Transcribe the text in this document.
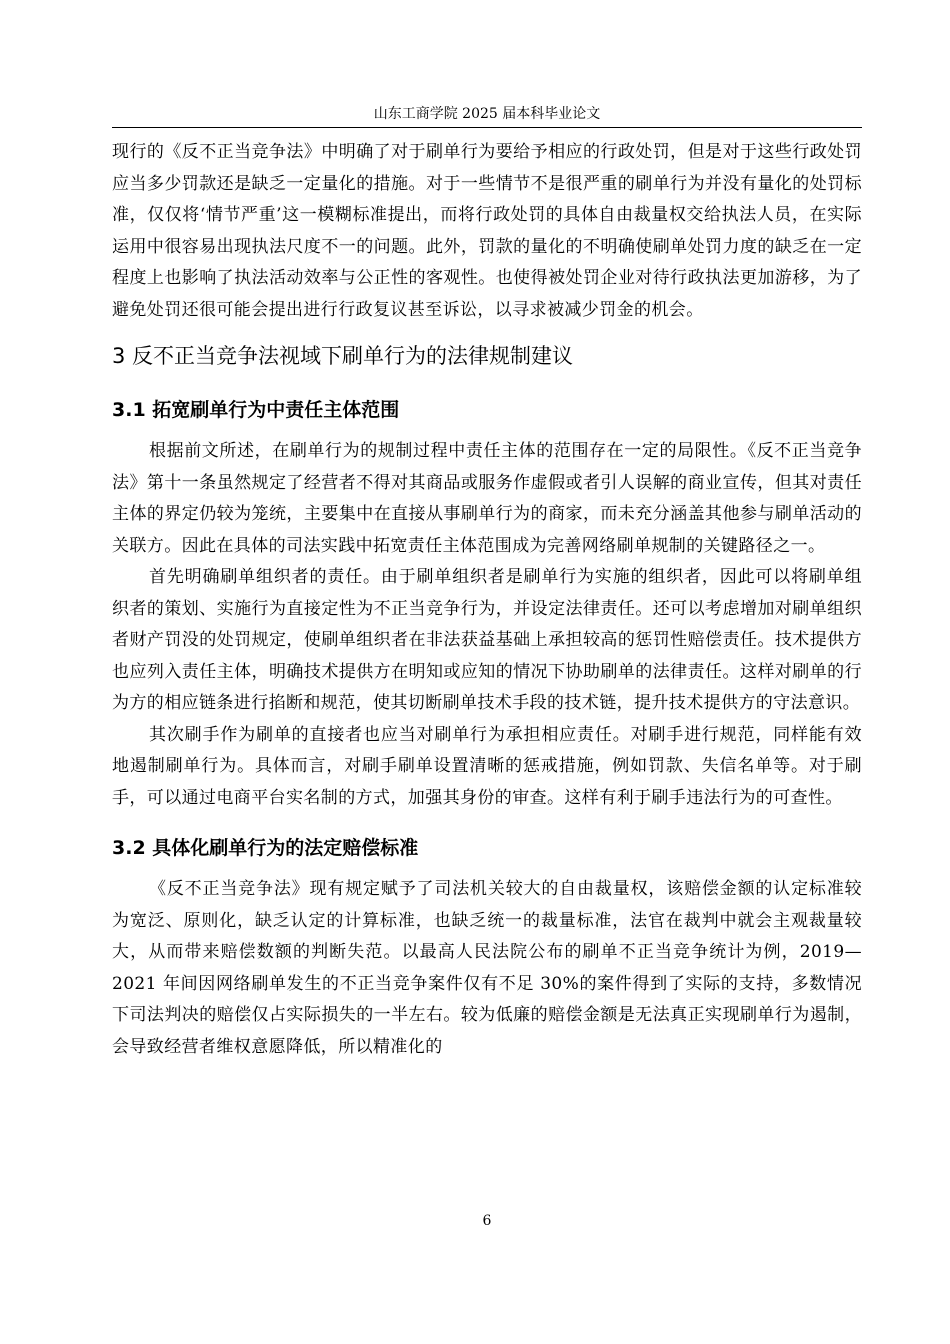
山东工商学院 2025 届本科毕业论文

现行的《反不正当竞争法》中明确了对于刷单行为要给予相应的行政处罚，但是对于这些行政处罚应当多少罚款还是缺乏一定量化的措施。对于一些情节不是很严重的刷单行为并没有量化的处罚标准，仅仅将‘情节严重’这一模糊标准提出，而将行政处罚的具体自由裁量权交给执法人员，在实际运用中很容易出现执法尺度不一的问题。此外，罚款的量化的不明确使刷单处罚力度的缺乏在一定程度上也影响了执法活动效率与公正性的客观性。也使得被处罚企业对待行政执法更加游移，为了避免处罚还很可能会提出进行行政复议甚至诉讼，以寻求被减少罚金的机会。

3 反不正当竞争法视域下刷单行为的法律规制建议
3.1 拓宽刷单行为中责任主体范围

根据前文所述，在刷单行为的规制过程中责任主体的范围存在一定的局限性。《反不正当竞争法》第十一条虽然规定了经营者不得对其商品或服务作虚假或者引人误解的商业宣传，但其对责任主体的界定仍较为笼统，主要集中在直接从事刷单行为的商家，而未充分涵盖其他参与刷单活动的关联方。因此在具体的司法实践中拓宽责任主体范围成为完善网络刷单规制的关键路径之一。

首先明确刷单组织者的责任。由于刷单组织者是刷单行为实施的组织者，因此可以将刷单组织者的策划、实施行为直接定性为不正当竞争行为，并设定法律责任。还可以考虑增加对刷单组织者财产罚没的处罚规定，使刷单组织者在非法获益基础上承担较高的惩罚性赔偿责任。技术提供方也应列入责任主体，明确技术提供方在明知或应知的情况下协助刷单的法律责任。这样对刷单的行为方的相应链条进行掐断和规范，使其切断刷单技术手段的技术链，提升技术提供方的守法意识。

其次刷手作为刷单的直接者也应当对刷单行为承担相应责任。对刷手进行规范，同样能有效地遏制刷单行为。具体而言，对刷手刷单设置清晰的惩戒措施，例如罚款、失信名单等。对于刷手，可以通过电商平台实名制的方式，加强其身份的审查。这样有利于刷手违法行为的可查性。

3.2 具体化刷单行为的法定赔偿标准

《反不正当竞争法》现有规定赋予了司法机关较大的自由裁量权，该赔偿金额的认定标准较为宽泛、原则化，缺乏认定的计算标准，也缺乏统一的裁量标准，法官在裁判中就会主观裁量较大，从而带来赔偿数额的判断失范。以最高人民法院公布的刷单不正当竞争统计为例，2019—2021 年间因网络刷单发生的不正当竞争案件仅有不足 30%的案件得到了实际的支持，多数情况下司法判决的赔偿仅占实际损失的一半左右。较为低廉的赔偿金额是无法真正实现刷单行为遏制，会导致经营者维权意愿降低，所以精准化的

6
